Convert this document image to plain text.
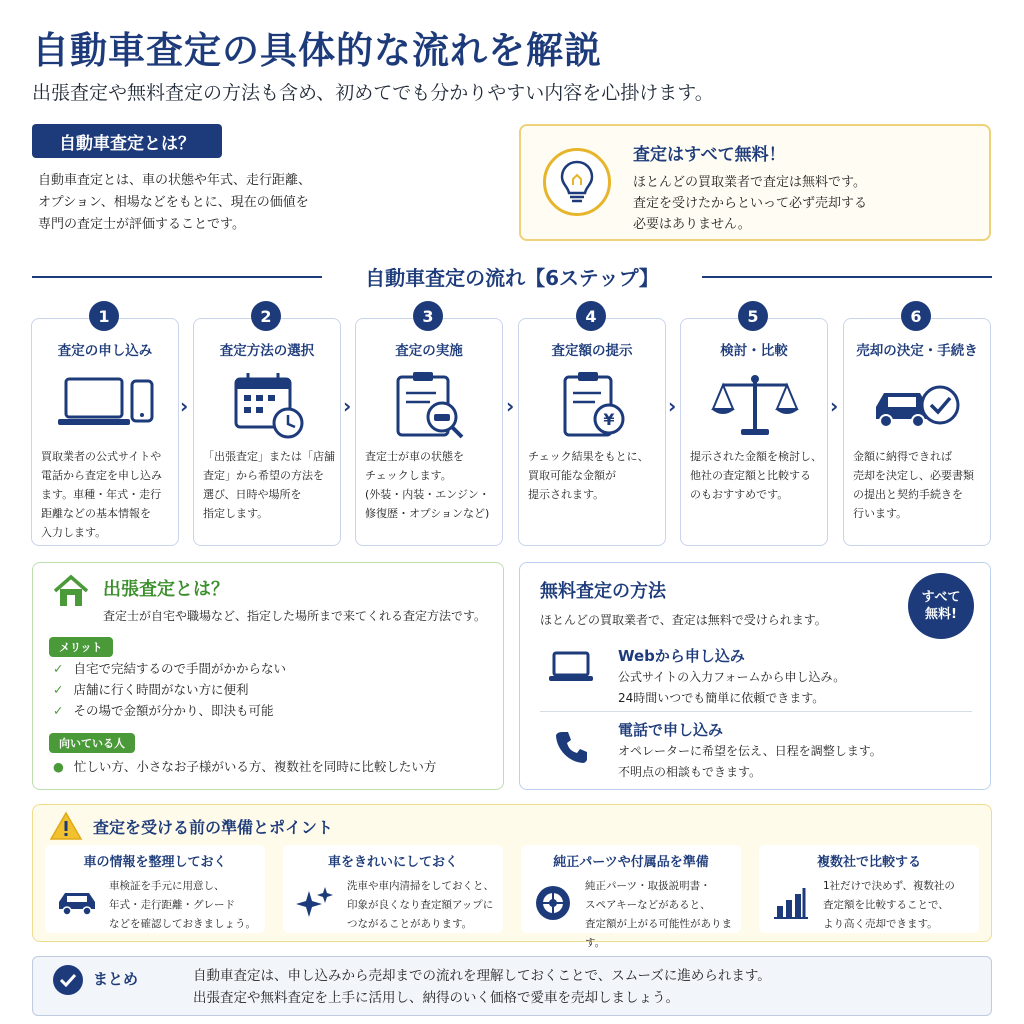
自動車査定の具体的な流れを解説
出張査定や無料査定の方法も含め、初めてでも分かりやすい内容を心掛けます。
自動車査定とは？
自動車査定とは、車の状態や年式、走行距離、
オプション、相場などをもとに、現在の価値を
専門の査定士が評価することです。
査定はすべて無料！
ほとんどの買取業者で査定は無料です。
査定を受けたからといって必ず売却する
必要はありません。
自動車査定の流れ【6ステップ】
1
査定の申し込み
買取業者の公式サイトや
電話から査定を申し込み
ます。車種・年式・走行
距離などの基本情報を
入力します。
›
2
査定方法の選択
「出張査定」または「店舗
査定」から希望の方法を
選び、日時や場所を
指定します。
›
3
査定の実施
査定士が車の状態を
チェックします。
(外装・内装・エンジン・
修復歴・オプションなど)
›
4
査定額の提示
¥
チェック結果をもとに、
買取可能な金額が
提示されます。
›
5
検討・比較
提示された金額を検討し、
他社の査定額と比較する
のもおすすめです。
›
6
売却の決定・手続き
金額に納得できれば
売却を決定し、必要書類
の提出と契約手続きを
行います。
出張査定とは？
査定士が自宅や職場など、指定した場所まで来てくれる査定方法です。
メリット
✓ 自宅で完結するので手間がかからない
✓ 店舗に行く時間がない方に便利
✓ その場で金額が分かり、即決も可能
向いている人
● 忙しい方、小さなお子様がいる方、複数社を同時に比較したい方
無料査定の方法
ほとんどの買取業者で、査定は無料で受けられます。
すべて
無料!
Webから申し込み
公式サイトの入力フォームから申し込み。
24時間いつでも簡単に依頼できます。
電話で申し込み
オペレーターに希望を伝え、日程を調整します。
不明点の相談もできます。
査定を受ける前の準備とポイント
車の情報を整理しておく
車検証を手元に用意し、
年式・走行距離・グレード
などを確認しておきましょう。
車をきれいにしておく
洗車や車内清掃をしておくと、
印象が良くなり査定額アップに
つながることがあります。
純正パーツや付属品を準備
純正パーツ・取扱説明書・
スペアキーなどがあると、
査定額が上がる可能性があります。
複数社で比較する
1社だけで決めず、複数社の
査定額を比較することで、
より高く売却できます。
まとめ	自動車査定は、申し込みから売却までの流れを理解しておくことで、スムーズに進められます。
出張査定や無料査定を上手に活用し、納得のいく価格で愛車を売却しましょう。
